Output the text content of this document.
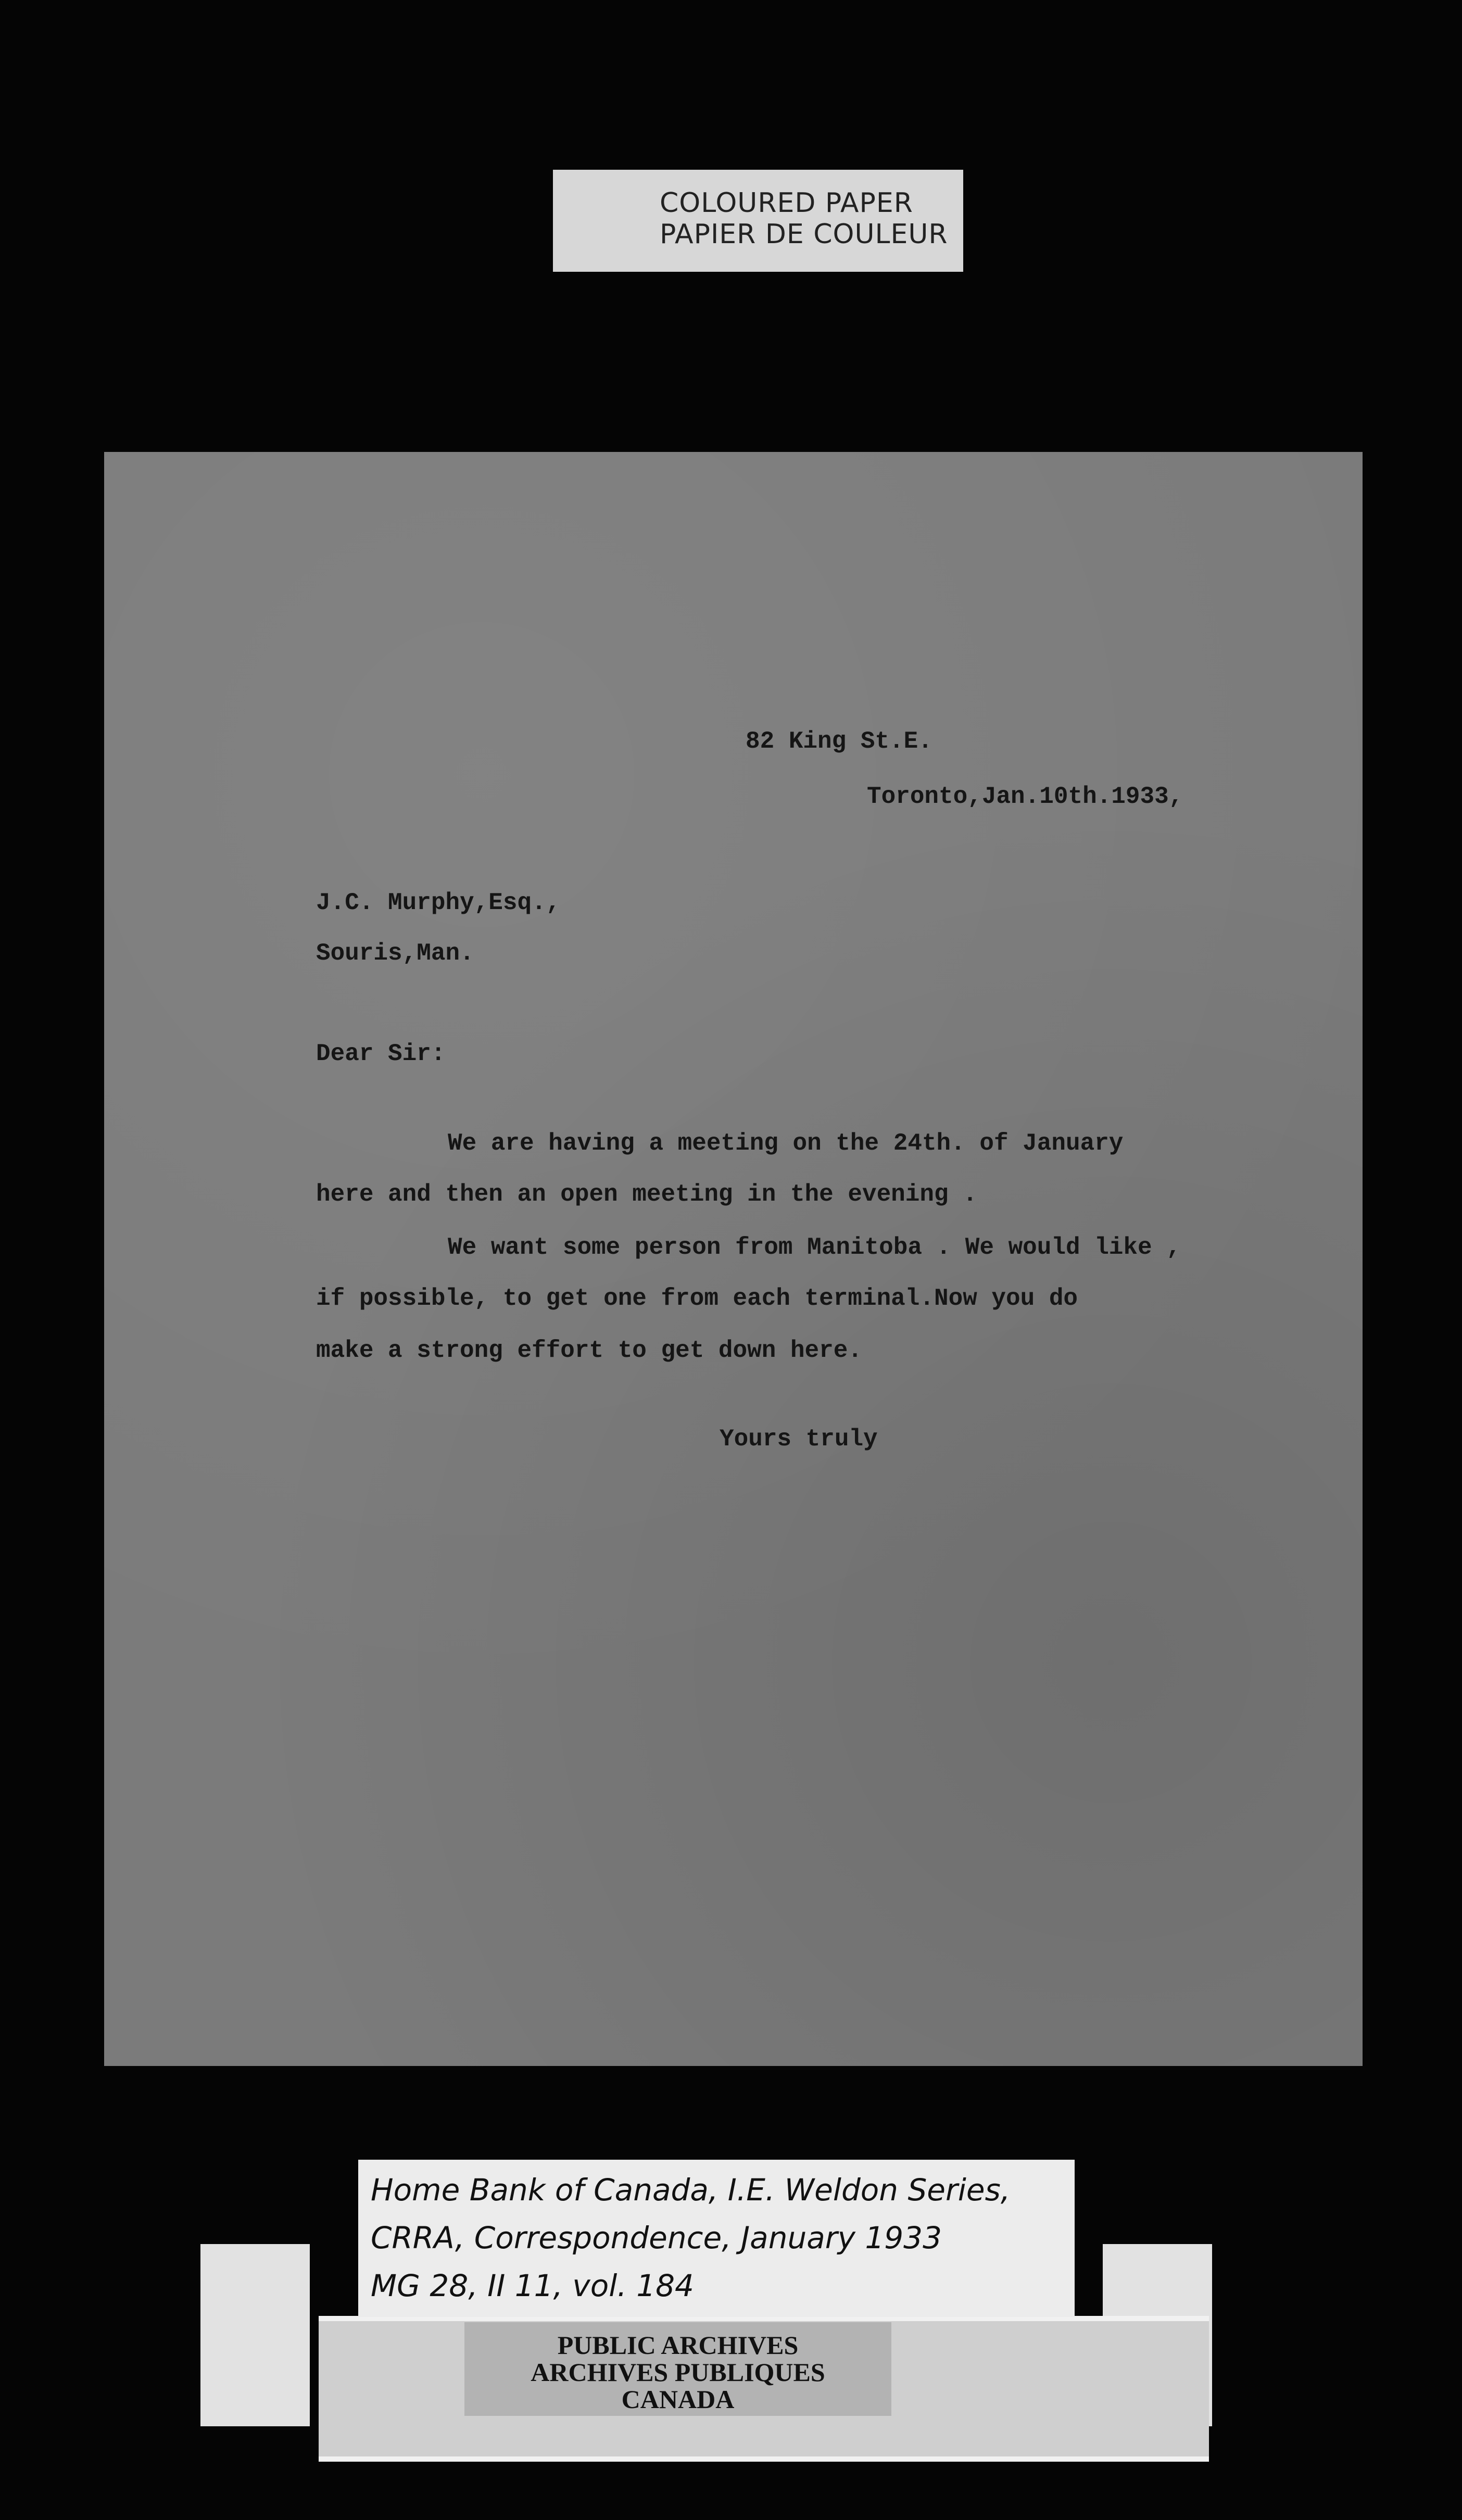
COLOURED PAPER
PAPIER DE COULEUR
82 King St.E.
Toronto,Jan.10th.1933,
J.C. Murphy,Esq.,
Souris,Man.
Dear Sir:
We are having a meeting on the 24th. of January
here and then an open meeting in the evening .
We want some person from Manitoba . We would like ,
if possible, to get one from each terminal.Now you do
make a strong effort to get down here.
Yours truly
Home Bank of Canada, I.E. Weldon Series,
CRRA, Correspondence, January 1933
MG 28, II 11, vol. 184
PUBLIC ARCHIVES
ARCHIVES PUBLIQUES
CANADA
